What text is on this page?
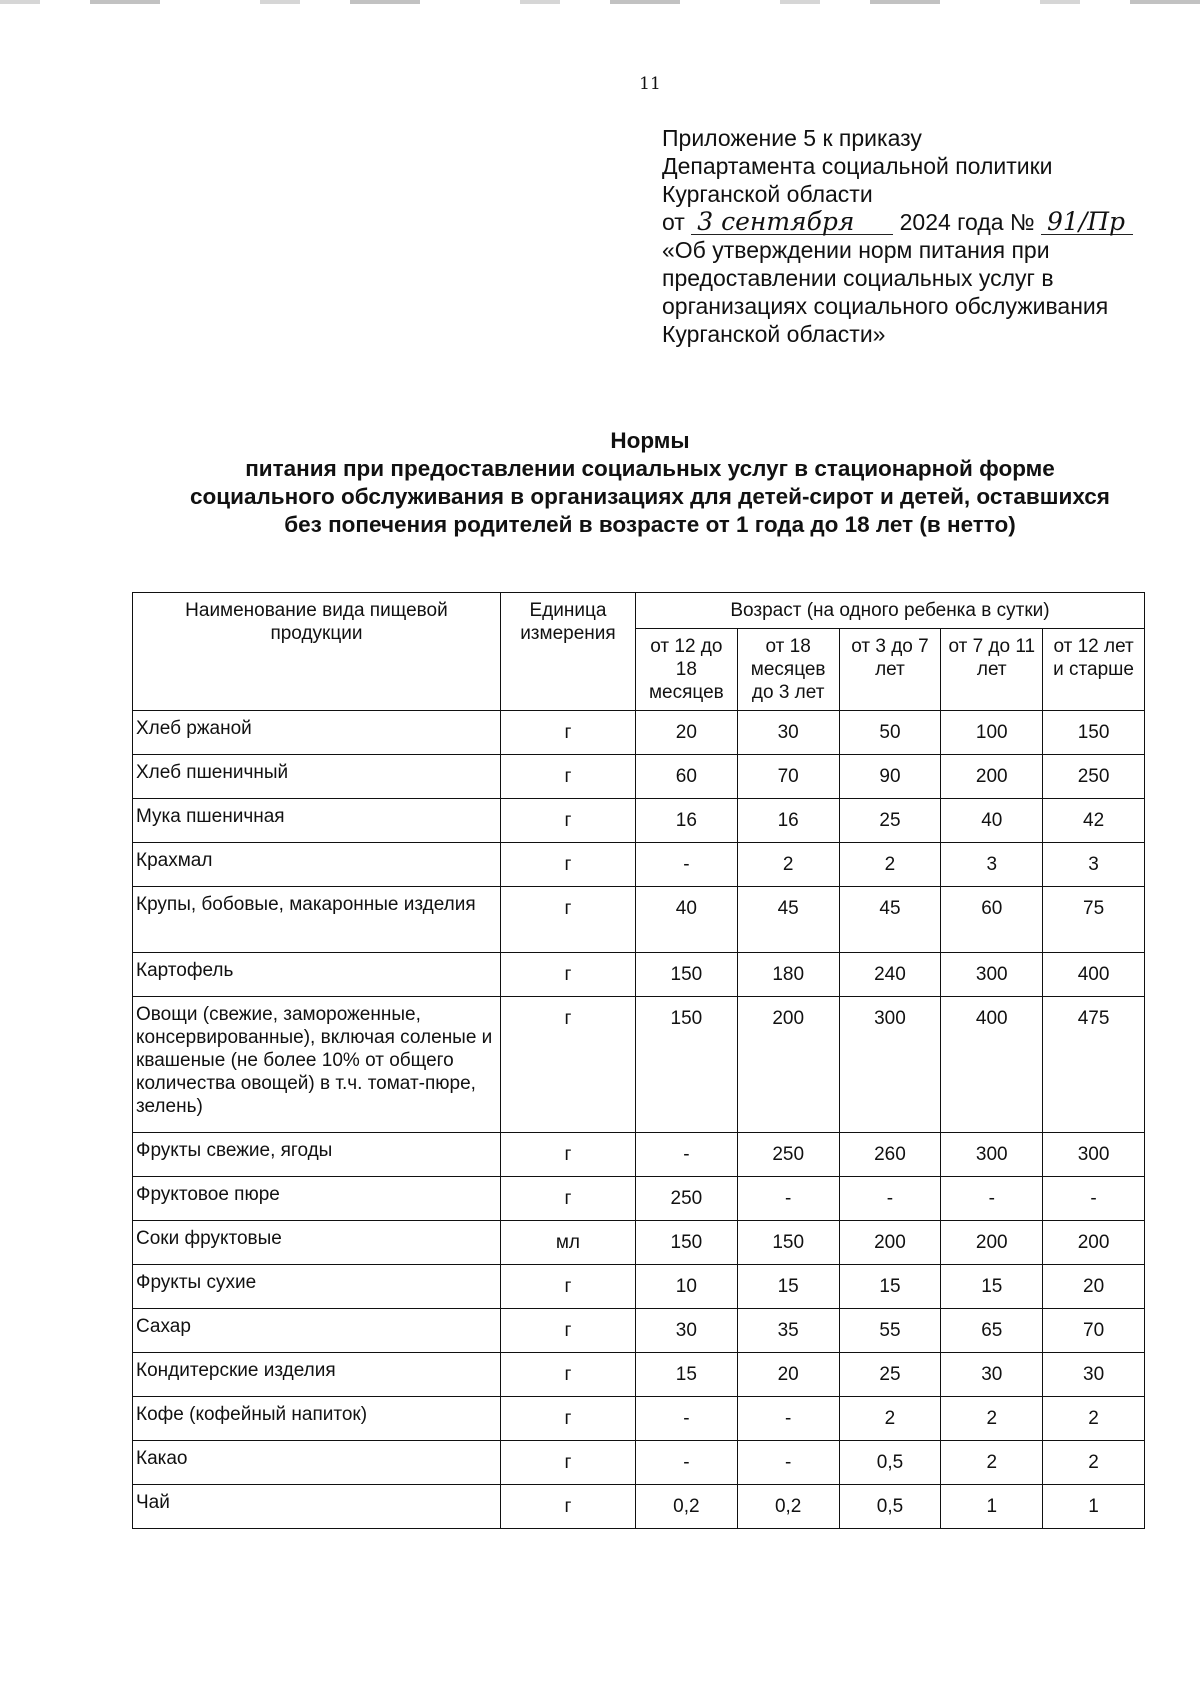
11
Приложение 5 к приказу
Департамента социальной политики
Курганской области
от 3 сентября 2024 года № 91/Пр
«Об утверждении норм питания при
предоставлении социальных услуг в
организациях социального обслуживания
Курганской области»
Нормы
питания при предоставлении социальных услуг в стационарной форме
социального обслуживания в организациях для детей-сирот и детей, оставшихся
без попечения родителей в возрасте от 1 года до 18 лет (в нетто)
Наименование вида пищевой продукции	Единица измерения	Возраст (на одного ребенка в сутки)				
		от 12 до 18 месяцев	от 18 месяцев до 3 лет	от 3 до 7 лет	от 7 до 11 лет	от 12 лет и старше
Хлеб ржаной	г	20	30	50	100	150
Хлеб пшеничный	г	60	70	90	200	250
Мука пшеничная	г	16	16	25	40	42
Крахмал	г	-	2	2	3	3
Крупы, бобовые, макаронные изделия	г	40	45	45	60	75
Картофель	г	150	180	240	300	400
Овощи (свежие, замороженные, консервированные), включая соленые и квашеные (не более 10% от общего количества овощей) в т.ч. томат-пюре, зелень)	г	150	200	300	400	475
Фрукты свежие, ягоды	г	-	250	260	300	300
Фруктовое пюре	г	250	-	-	-	-
Соки фруктовые	мл	150	150	200	200	200
Фрукты сухие	г	10	15	15	15	20
Сахар	г	30	35	55	65	70
Кондитерские изделия	г	15	20	25	30	30
Кофе (кофейный напиток)	г	-	-	2	2	2
Какао	г	-	-	0,5	2	2
Чай	г	0,2	0,2	0,5	1	1
